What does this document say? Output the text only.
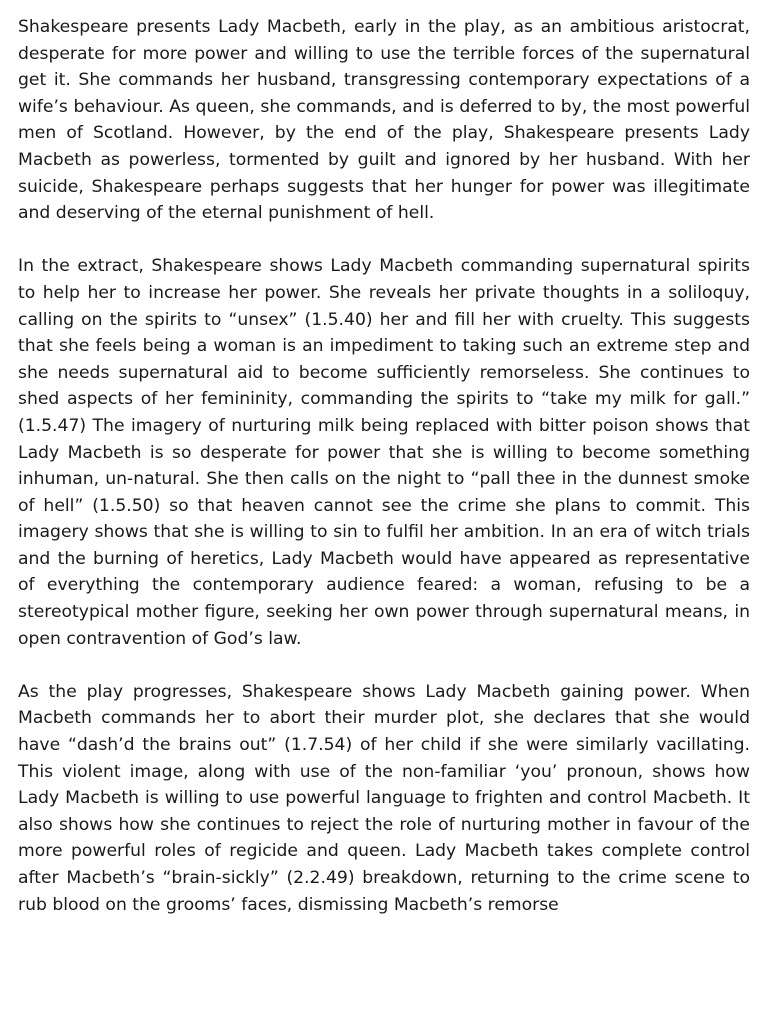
Shakespeare presents Lady Macbeth, early in the play, as an ambitious aristocrat, desperate for more power and willing to use the terrible forces of the supernatural get it. She commands her husband, transgressing contemporary expectations of a wife’s behaviour. As queen, she commands, and is deferred to by, the most powerful men of Scotland. However, by the end of the play, Shakespeare presents Lady Macbeth as powerless, tormented by guilt and ignored by her husband. With her suicide, Shakespeare perhaps suggests that her hunger for power was illegitimate and deserving of the eternal punishment of hell.

In the extract, Shakespeare shows Lady Macbeth commanding supernatural spirits to help her to increase her power. She reveals her private thoughts in a soliloquy, calling on the spirits to “unsex” (1.5.40) her and fill her with cruelty. This suggests that she feels being a woman is an impediment to taking such an extreme step and she needs supernatural aid to become sufficiently remorseless. She continues to shed aspects of her femininity, commanding the spirits to “take my milk for gall.” (1.5.47) The imagery of nurturing milk being replaced with bitter poison shows that Lady Macbeth is so desperate for power that she is willing to become something inhuman, un-natural. She then calls on the night to “pall thee in the dunnest smoke of hell” (1.5.50) so that heaven cannot see the crime she plans to commit. This imagery shows that she is willing to sin to fulfil her ambition. In an era of witch trials and the burning of heretics, Lady Macbeth would have appeared as representative of everything the contemporary audience feared: a woman, refusing to be a stereotypical mother figure, seeking her own power through supernatural means, in open contravention of God’s law.

As the play progresses, Shakespeare shows Lady Macbeth gaining power. When Macbeth commands her to abort their murder plot, she declares that she would have “dash’d the brains out” (1.7.54) of her child if she were similarly vacillating. This violent image, along with use of the non-familiar ‘you’ pronoun, shows how Lady Macbeth is willing to use powerful language to frighten and control Macbeth. It also shows how she continues to reject the role of nurturing mother in favour of the more powerful roles of regicide and queen. Lady Macbeth takes complete control after Macbeth’s “brain-sickly” (2.2.49) breakdown, returning to the crime scene to rub blood on the grooms’ faces, dismissing Macbeth’s remorse
